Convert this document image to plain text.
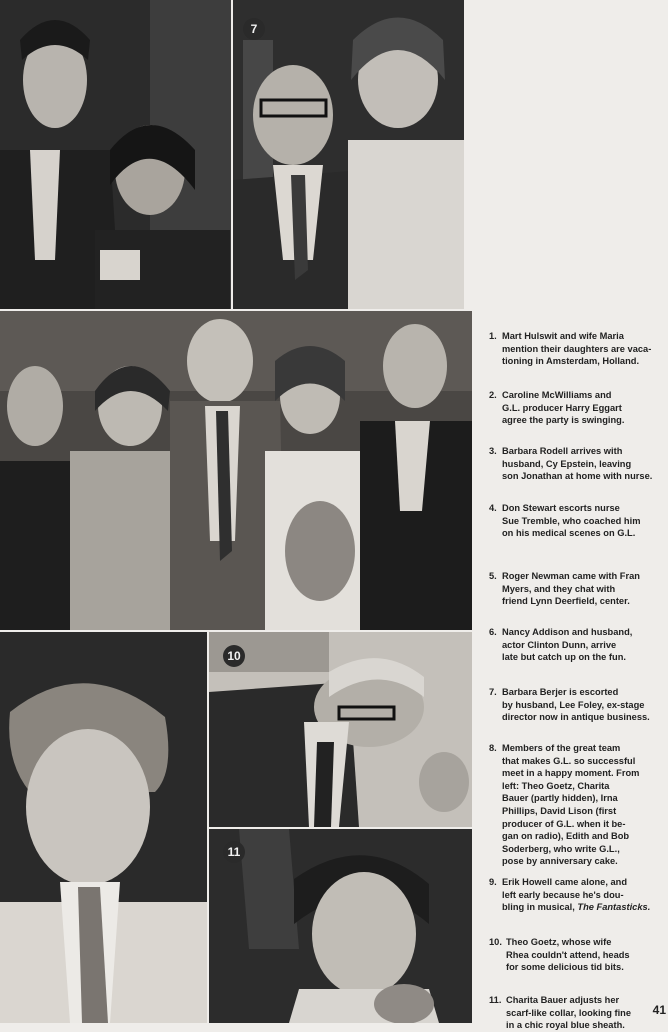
7
10
11
1. Mart Hulswit and wife Maria
mention their daughters are vaca-
tioning in Amsterdam, Holland.
2. Caroline McWilliams and
G.L. producer Harry Eggart
agree the party is swinging.
3. Barbara Rodell arrives with
husband, Cy Epstein, leaving
son Jonathan at home with nurse.
4. Don Stewart escorts nurse
Sue Tremble, who coached him
on his medical scenes on G.L.
5. Roger Newman came with Fran
Myers, and they chat with
friend Lynn Deerfield, center.
6. Nancy Addison and husband,
actor Clinton Dunn, arrive
late but catch up on the fun.
7. Barbara Berjer is escorted
by husband, Lee Foley, ex-stage
director now in antique business.
8. Members of the great team
that makes G.L. so successful
meet in a happy moment. From
left: Theo Goetz, Charita
Bauer (partly hidden), Irna
Phillips, David Lison (first
producer of G.L. when it be-
gan on radio), Edith and Bob
Soderberg, who write G.L.,
pose by anniversary cake.
9. Erik Howell came alone, and
left early because he's dou-
bling in musical, The Fantasticks.
10. Theo Goetz, whose wife
Rhea couldn't attend, heads
for some delicious tid bits.
11. Charita Bauer adjusts her
scarf-like collar, looking fine
in a chic royal blue sheath.
41
